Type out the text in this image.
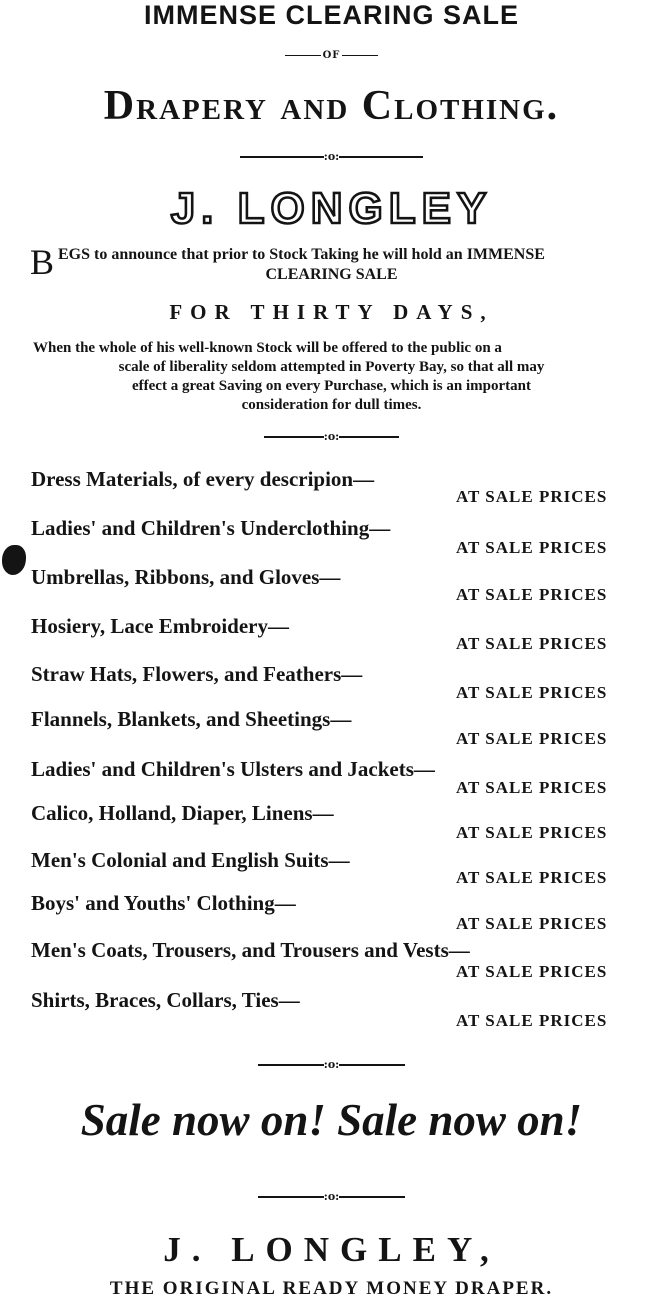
IMMENSE CLEARING SALE
OF
Drapery and Clothing.
:o:
J. LONGLEY
B EGS to announce that prior to Stock Taking he will hold an IMMENSE
CLEARING SALE
FOR THIRTY DAYS,
When the whole of his well-known Stock will be offered to the public on a
scale of liberality seldom attempted in Poverty Bay, so that all may
effect a great Saving on every Purchase, which is an important
consideration for dull times.
:o:
Dress Materials, of every descripion—
AT SALE PRICES
Ladies' and Children's Underclothing—
AT SALE PRICES
Umbrellas, Ribbons, and Gloves—
AT SALE PRICES
Hosiery, Lace Embroidery—
AT SALE PRICES
Straw Hats, Flowers, and Feathers—
AT SALE PRICES
Flannels, Blankets, and Sheetings—
AT SALE PRICES
Ladies' and Children's Ulsters and Jackets—
AT SALE PRICES
Calico, Holland, Diaper, Linens—
AT SALE PRICES
Men's Colonial and English Suits—
AT SALE PRICES
Boys' and Youths' Clothing—
AT SALE PRICES
Men's Coats, Trousers, and Trousers and Vests—
AT SALE PRICES
Shirts, Braces, Collars, Ties—
AT SALE PRICES
:o:
Sale now on! Sale now on!
:o:
J. LONGLEY,
THE ORIGINAL READY MONEY DRAPER.
